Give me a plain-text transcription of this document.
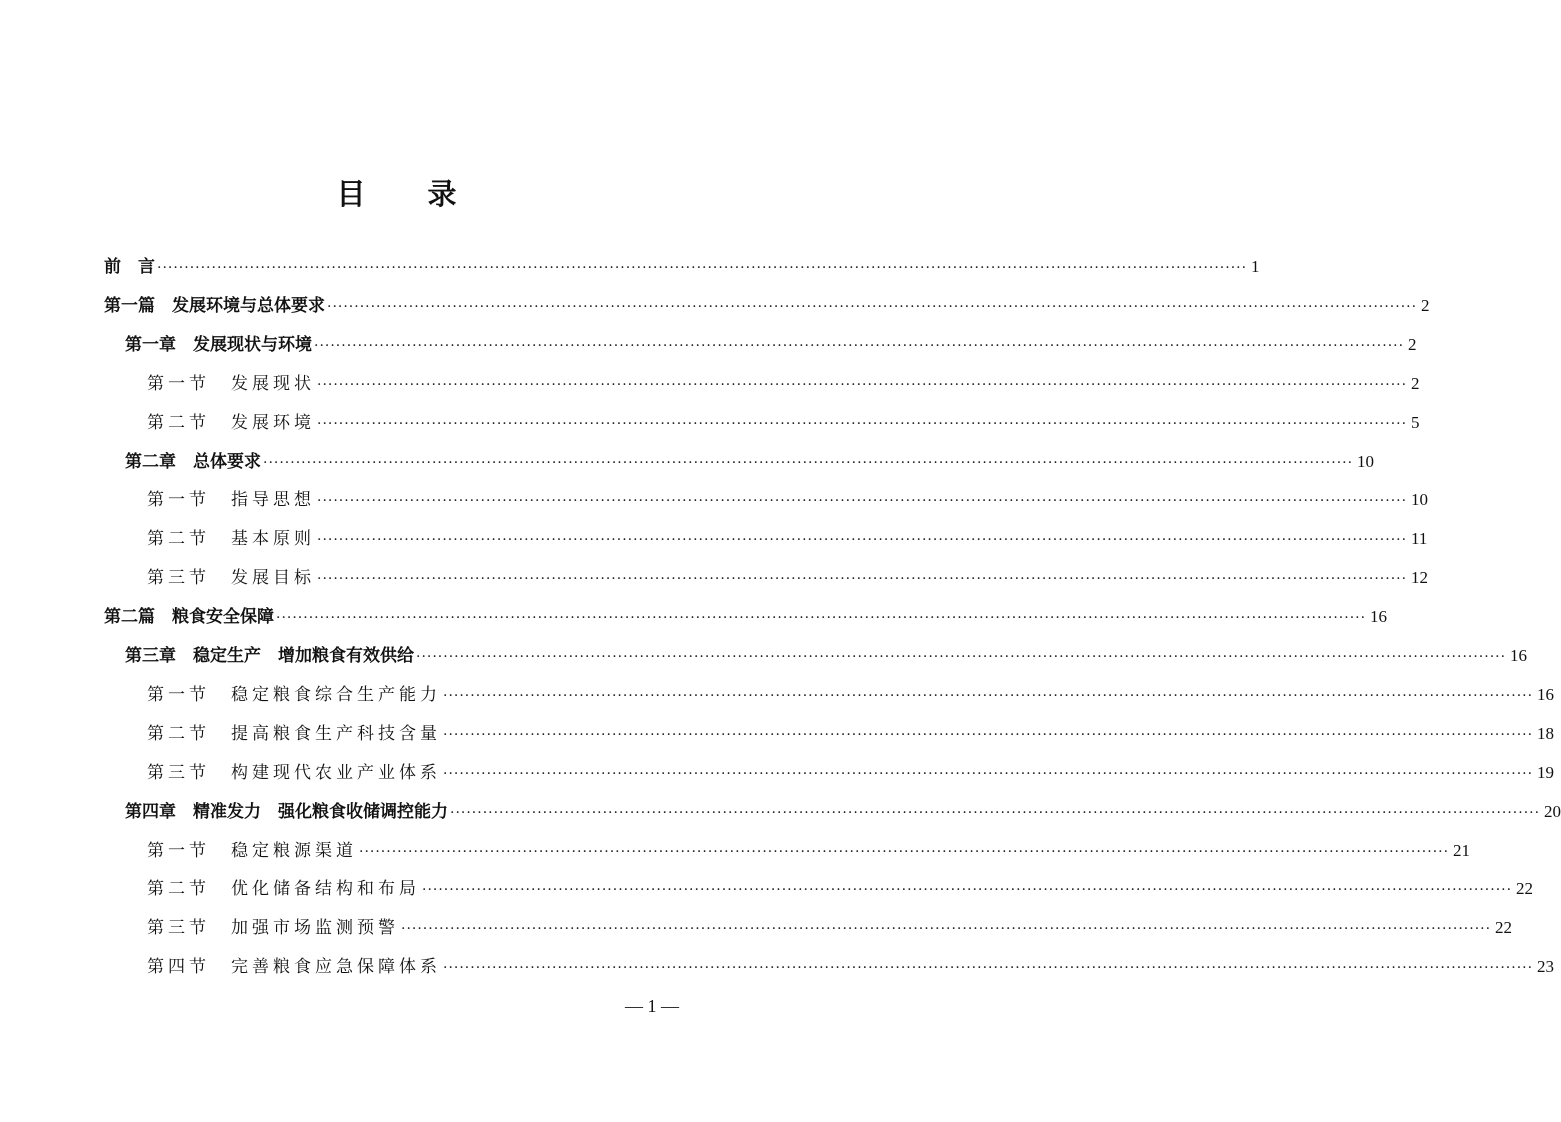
目 录
前　言 ········································································································································································································ 1
第一篇　发展环境与总体要求 ········································································································································································································ 2
第一章　发展现状与环境 ········································································································································································································ 2
第一节　发展现状 ········································································································································································································ 2
第二节　发展环境 ········································································································································································································ 5
第二章　总体要求 ········································································································································································································ 10
第一节　指导思想 ········································································································································································································ 10
第二节　基本原则 ········································································································································································································ 11
第三节　发展目标 ········································································································································································································ 12
第二篇　粮食安全保障 ········································································································································································································ 16
第三章　稳定生产　增加粮食有效供给 ········································································································································································································ 16
第一节　稳定粮食综合生产能力 ········································································································································································································ 16
第二节　提高粮食生产科技含量 ········································································································································································································ 18
第三节　构建现代农业产业体系 ········································································································································································································ 19
第四章　精准发力　强化粮食收储调控能力 ········································································································································································································ 20
第一节　稳定粮源渠道 ········································································································································································································ 21
第二节　优化储备结构和布局 ········································································································································································································ 22
第三节　加强市场监测预警 ········································································································································································································ 22
第四节　完善粮食应急保障体系 ········································································································································································································ 23
— 1 —
